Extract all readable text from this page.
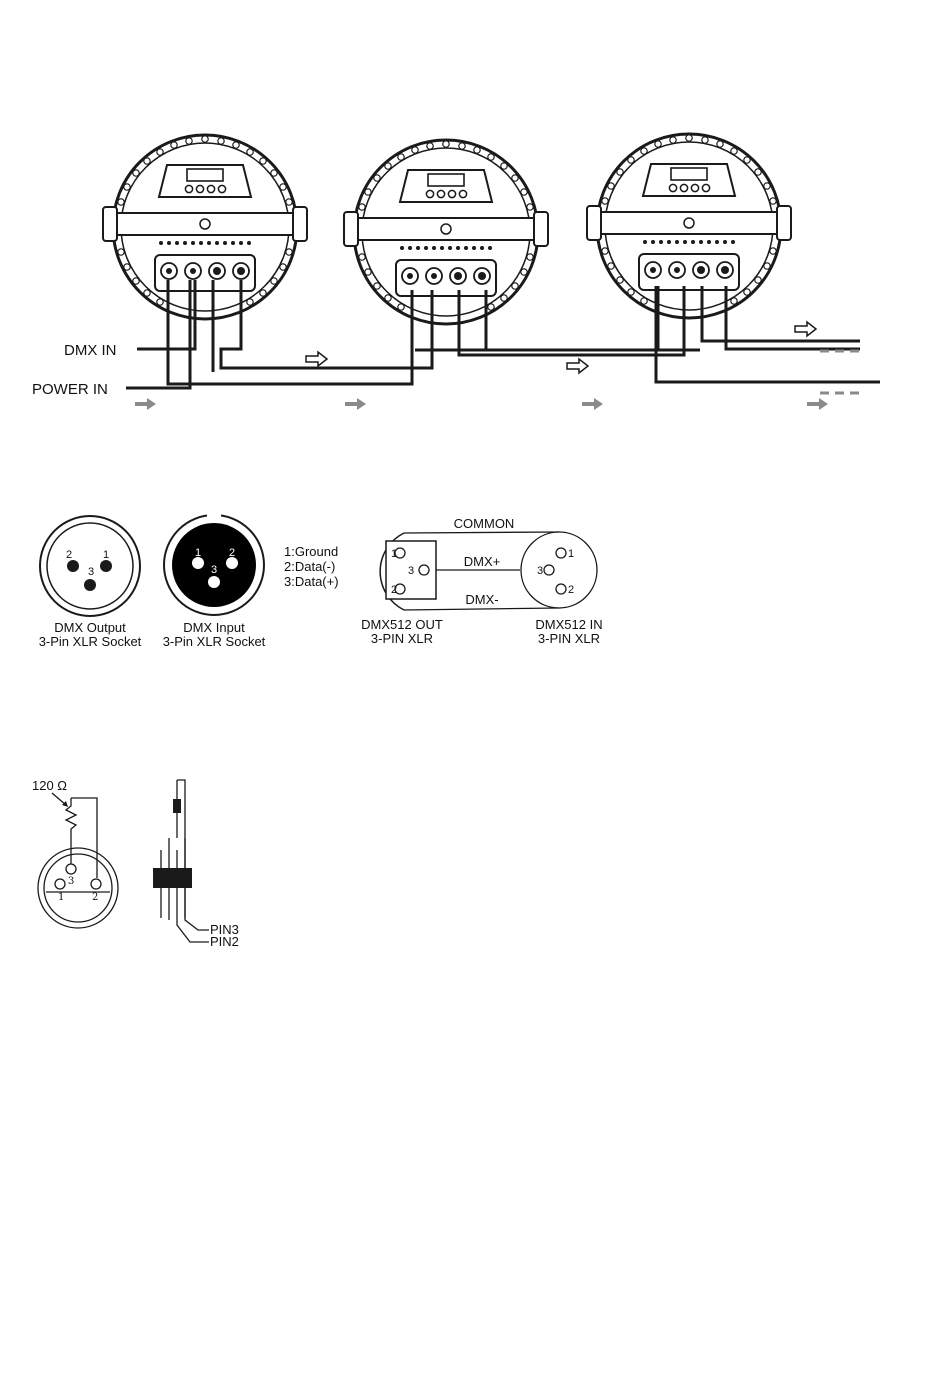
DMX IN
POWER IN
2	1
3
DMX Output
3-Pin XLR Socket
1	2
3
DMX Input
3-Pin XLR Socket
1:Ground
2:Data(-)
3:Data(+)
1
3
2
1
3
2
COMMON
DMX+
DMX-
DMX512 OUT
3-PIN XLR
DMX512 IN
3-PIN XLR
120 Ω
3
1	2
PIN3
PIN2
